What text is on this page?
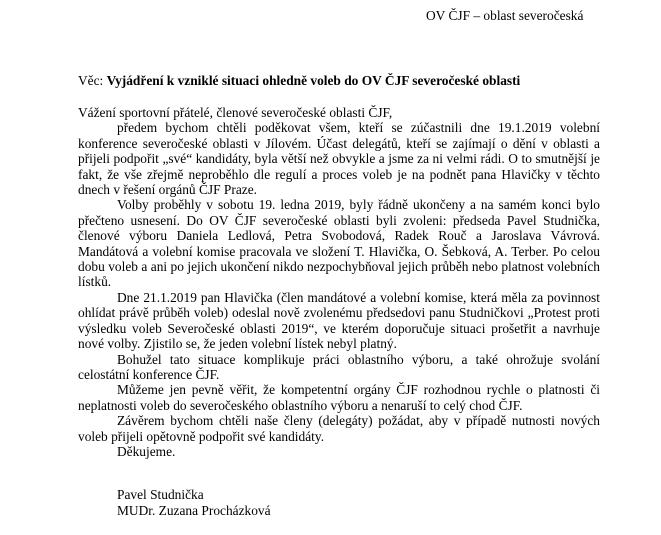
OV ČJF – oblast severočeská
Věc: Vyjádření k vzniklé situaci ohledně voleb do OV ČJF severočeské oblasti

Vážení sportovní přátelé, členové severočeské oblasti ČJF,

předem bychom chtěli poděkovat všem, kteří se zúčastnili dne 19.1.2019 volební konference severočeské oblasti v Jílovém. Účast delegátů, kteří se zajímají o dění v oblasti a přijeli podpořit „své“ kandidáty, byla větší než obvykle a jsme za ni velmi rádi. O to smutnější je fakt, že vše zřejmě neproběhlo dle regulí a proces voleb je na podnět pana Hlavičky v těchto dnech v řešení orgánů ČJF Praze.

Volby proběhly v sobotu 19. ledna 2019, byly řádně ukončeny a na samém konci bylo přečteno usnesení. Do OV ČJF severočeské oblasti byli zvoleni: předseda Pavel Studnička, členové výboru Daniela Ledlová, Petra Svobodová, Radek Rouč a Jaroslava Vávrová. Mandátová a volební komise pracovala ve složení T. Hlavička, O. Šebková, A. Terber. Po celou dobu voleb a ani po jejich ukončení nikdo nezpochybňoval jejich průběh nebo platnost volebních lístků.

Dne 21.1.2019 pan Hlavička (člen mandátové a volební komise, která měla za povinnost ohlídat právě průběh voleb) odeslal nově zvolenému předsedovi panu Studničkovi „Protest proti výsledku voleb Severočeské oblasti 2019“, ve kterém doporučuje situaci prošetřit a navrhuje nové volby. Zjistilo se, že jeden volební lístek nebyl platný.

Bohužel tato situace komplikuje práci oblastního výboru, a také ohrožuje svolání celostátní konference ČJF.

Můžeme jen pevně věřit, že kompetentní orgány ČJF rozhodnou rychle o platnosti či neplatnosti voleb do severočeského oblastního výboru a nenaruší to celý chod ČJF.

Závěrem bychom chtěli naše členy (delegáty) požádat, aby v případě nutnosti nových voleb přijeli opětovně podpořit své kandidáty.

Děkujeme.

Pavel Studnička
MUDr. Zuzana Procházková
